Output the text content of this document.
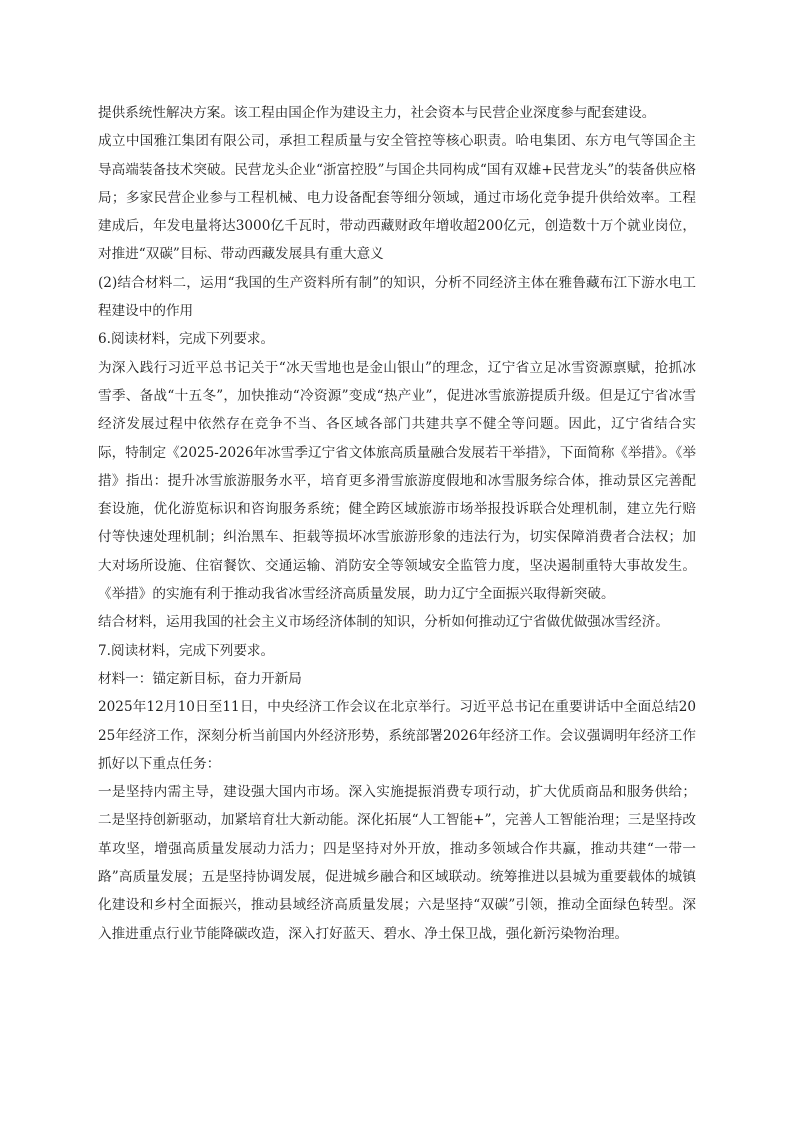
提供系统性解决方案。该工程由国企作为建设主力，社会资本与民营企业深度参与配套建设。

成立中国雅江集团有限公司，承担工程质量与安全管控等核心职责。哈电集团、东方电气等国企主导高端装备技术突破。民营龙头企业“浙富控股”与国企共同构成“国有双雄+民营龙头”的装备供应格局；多家民营企业参与工程机械、电力设备配套等细分领域，通过市场化竞争提升供给效率。工程建成后，年发电量将达3000亿千瓦时，带动西藏财政年增收超200亿元，创造数十万个就业岗位，对推进“双碳”目标、带动西藏发展具有重大意义

(2)结合材料二，运用“我国的生产资料所有制”的知识，分析不同经济主体在雅鲁藏布江下游水电工程建设中的作用

6.阅读材料，完成下列要求。

为深入践行习近平总书记关于“冰天雪地也是金山银山”的理念，辽宁省立足冰雪资源禀赋，抢抓冰雪季、备战“十五冬”，加快推动“冷资源”变成“热产业”，促进冰雪旅游提质升级。但是辽宁省冰雪经济发展过程中依然存在竞争不当、各区域各部门共建共享不健全等问题。因此，辽宁省结合实际，特制定《2025-2026年冰雪季辽宁省文体旅高质量融合发展若干举措》，下面简称《举措》。《举措》指出：提升冰雪旅游服务水平，培育更多滑雪旅游度假地和冰雪服务综合体，推动景区完善配套设施，优化游览标识和咨询服务系统；健全跨区域旅游市场举报投诉联合处理机制，建立先行赔付等快速处理机制；纠治黑车、拒载等损坏冰雪旅游形象的违法行为，切实保障消费者合法权；加大对场所设施、住宿餐饮、交通运输、消防安全等领域安全监管力度，坚决遏制重特大事故发生。《举措》的实施有利于推动我省冰雪经济高质量发展，助力辽宁全面振兴取得新突破。

结合材料，运用我国的社会主义市场经济体制的知识，分析如何推动辽宁省做优做强冰雪经济。

7.阅读材料，完成下列要求。

材料一：锚定新目标，奋力开新局

2025年12月10日至11日，中央经济工作会议在北京举行。习近平总书记在重要讲话中全面总结2025年经济工作，深刻分析当前国内外经济形势，系统部署2026年经济工作。会议强调明年经济工作抓好以下重点任务：

一是坚持内需主导，建设强大国内市场。深入实施提振消费专项行动，扩大优质商品和服务供给；二是坚持创新驱动，加紧培育壮大新动能。深化拓展“人工智能+”，完善人工智能治理；三是坚持改革攻坚，增强高质量发展动力活力；四是坚持对外开放，推动多领域合作共赢，推动共建“一带一路”高质量发展；五是坚持协调发展，促进城乡融合和区域联动。统筹推进以县城为重要载体的城镇化建设和乡村全面振兴，推动县域经济高质量发展；六是坚持“双碳”引领，推动全面绿色转型。深入推进重点行业节能降碳改造，深入打好蓝天、碧水、净土保卫战，强化新污染物治理。
